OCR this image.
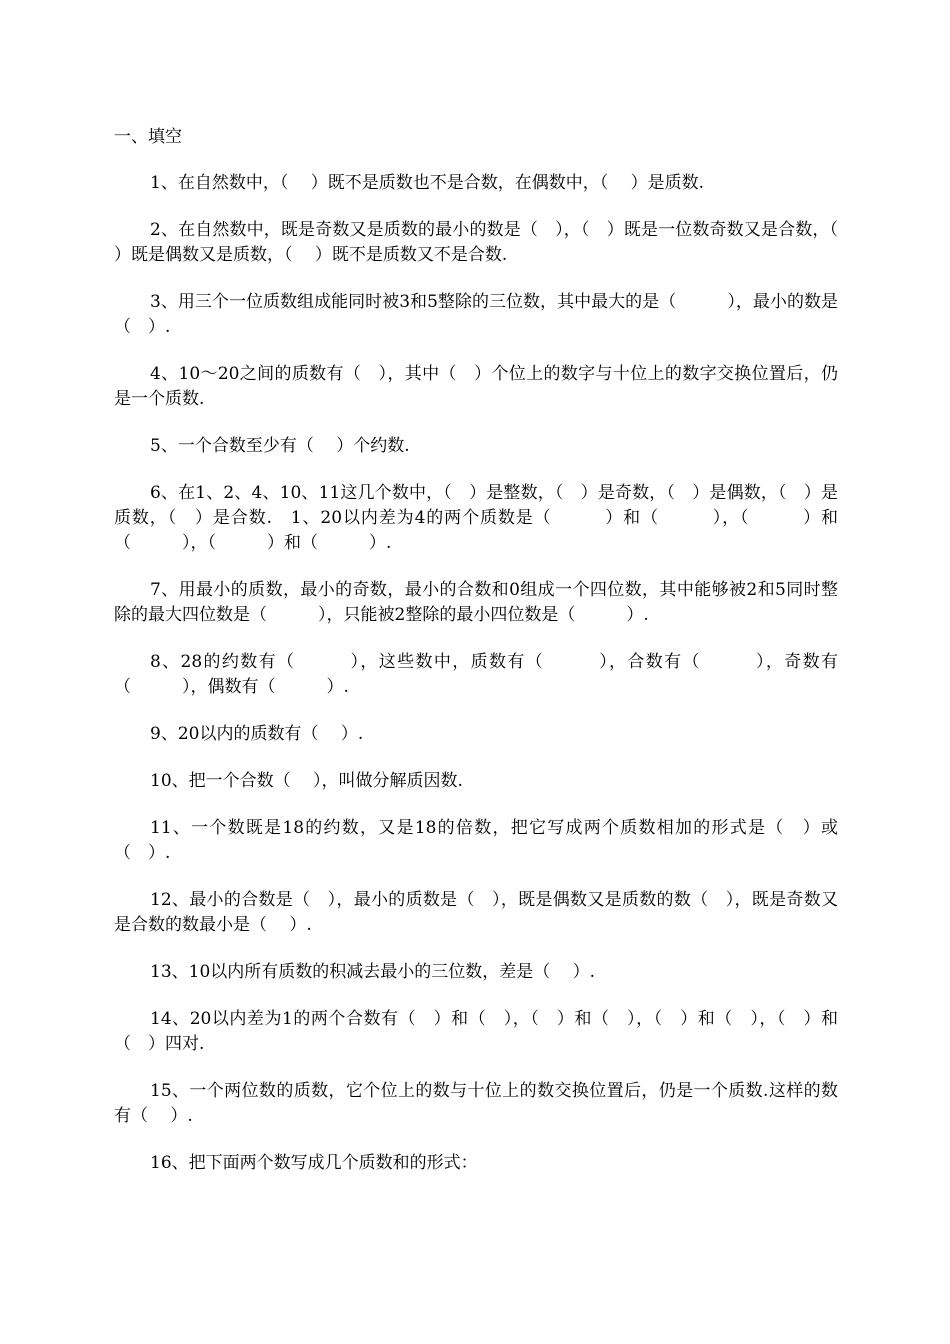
一、填空

1、在自然数中，（　 ）既不是质数也不是合数，在偶数中，（　 ）是质数.

2、在自然数中，既是奇数又是质数的最小的数是（　），（　）既是一位数奇数又是合数，（　 ）既是偶数又是质数，（　 ）既不是质数又不是合数.

3、用三个一位质数组成能同时被3和5整除的三位数，其中最大的是（　　　），最小的数是（　）.

4、10～20之间的质数有（　），其中（　）个位上的数字与十位上的数字交换位置后，仍是一个质数.

5、一个合数至少有（　 ）个约数.

6、在1、2、4、10、11这几个数中，（　）是整数，（　）是奇数，（　）是偶数，（　）是质数，（　）是合数.　1、20以内差为4的两个质数是（　　　）和（　　　），（　　　）和（　　　），（　　　）和（　　　）.

7、用最小的质数，最小的奇数，最小的合数和0组成一个四位数，其中能够被2和5同时整除的最大四位数是（　　　），只能被2整除的最小四位数是（　　　）.

8、28的约数有（　　　），这些数中，质数有（　　　），合数有（　　　），奇数有（　　　），偶数有（　　　）.

9、20以内的质数有（　 ）.

10、把一个合数（　 ），叫做分解质因数.

11、一个数既是18的约数，又是18的倍数，把它写成两个质数相加的形式是（　）或（　）.

12、最小的合数是（　），最小的质数是（　），既是偶数又是质数的数（　），既是奇数又是合数的数最小是（　 ）.

13、10以内所有质数的积减去最小的三位数，差是（　 ）.

14、20以内差为1的两个合数有（　）和（　），（　）和（　），（　）和（　），（　）和（　）四对.

15、一个两位数的质数，它个位上的数与十位上的数交换位置后，仍是一个质数.这样的数有（　 ）.

16、把下面两个数写成几个质数和的形式：
